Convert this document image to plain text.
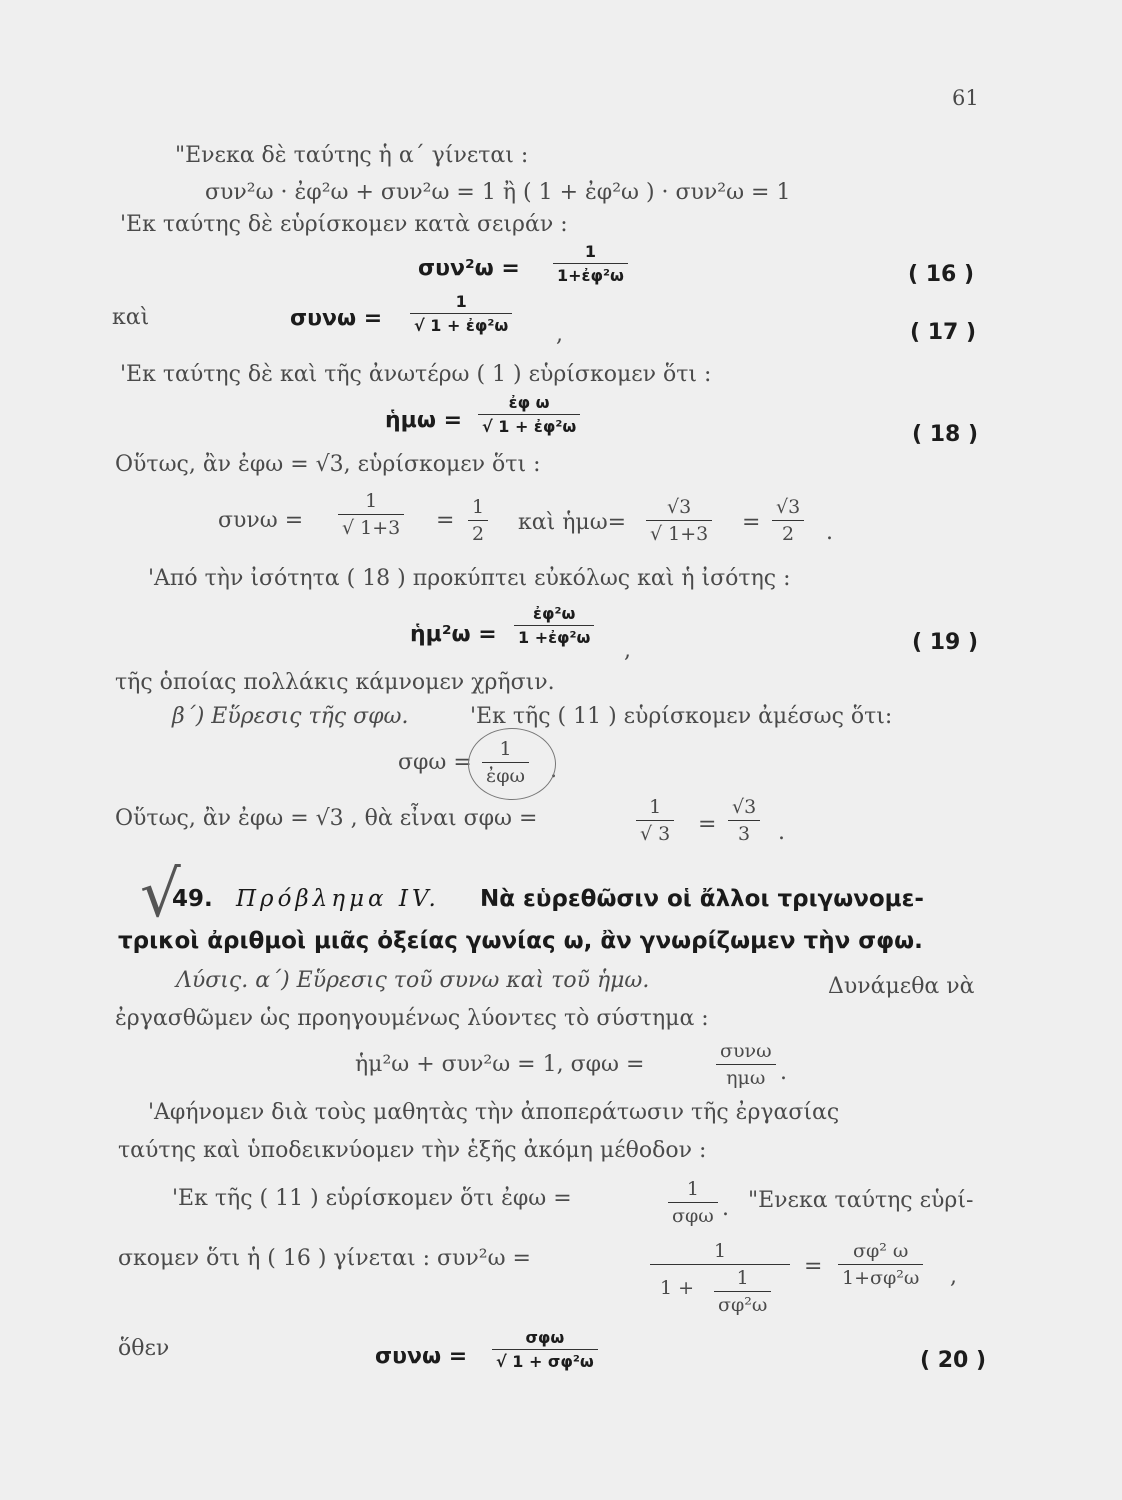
61
"Ενεκα δὲ ταύτης ἡ α΄ γίνεται :
συν²ω · ἐφ²ω + συν²ω = 1 ἢ ( 1 + ἐφ²ω ) · συν²ω = 1
'Εκ ταύτης δὲ εὑρίσκομεν κατὰ σειράν :
$\sigma\upsilon\nu^2\omega = \frac{1}{\text{1+ἐφ²ω}}$	( 16 )
καὶ	$\sigma\upsilon\nu\omega = \frac{1}{\text{√ 1 + ἐφ²ω}}$ ,	( 17 )
'Εκ ταύτης δὲ καὶ τῆς ἀνωτέρω ( 1 ) εὑρίσκομεν ὅτι :
ἡμω = $\frac{\text{ἐφ ω}}{\text{√ 1 + ἐφ²ω}}$	( 18 )
Οὕτως, ἂν ἐφω = √3, εὑρίσκομεν ὅτι :
$\sigma\upsilon\nu\omega = \frac{1}{√ 1+3} = \frac{1}{2}$ καὶ ἡμω= $\frac{√3}{√ 1+3} = \frac{√3}{2}$ .
'Από τὴν ἰσότητα ( 18 ) προκύπτει εὐκόλως καὶ ἡ ἰσότης :
ἡμ²ω = $\frac{\text{ἐφ²ω}}{\text{1 +ἐφ²ω}}$
,	( 19 )
τῆς ὁποίας πολλάκις κάμνομεν χρῆσιν.
β΄) Εὕρεσις τῆς σφω.	'Εκ τῆς ( 11 ) εὑρίσκομεν ἀμέσως ὅτι:
σφω =
1
ἐφω .
Οὕτως, ἂν ἐφω = √3 , θὰ εἶναι σφω =	$\frac{1}{√ 3} = \frac{√3}{3}$ .
√
49. Πρόβλημα IV. Νὰ εὑρεθῶσιν οἱ ἄλλοι τριγωνομε-
τρικοὶ ἀριθμοὶ μιᾶς ὀξείας γωνίας ω, ἂν γνωρίζωμεν τὴν σφω.
Λύσις. α΄) Εὕρεσις τοῦ συνω καὶ τοῦ ἡμω.	Δυνάμεθα νὰ
ἐργασθῶμεν ὡς προηγουμένως λύοντες τὸ σύστημα :
ἡμ²ω + συν²ω = 1, σφω =
συνω
ημω .
'Αφήνομεν διὰ τοὺς μαθητὰς τὴν ἀποπεράτωσιν τῆς ἐργασίας
ταύτης καὶ ὑποδεικνύομεν τὴν ἑξῆς ἀκόμη μέθοδον :
'Εκ τῆς ( 11 ) εὑρίσκομεν ὅτι ἐφω =	1
σφω . "Ενεκα ταύτης εὑρί-
σκομεν ὅτι ἡ ( 16 ) γίνεται : συν²ω =	$\frac{1}{1 + \frac{1}{\text{σφ²ω}}} = \frac{\text{σφ² ω}}{\text{1+σφ²ω}}$ ,
ὅθεν	συνω =
σφω
√ 1 + σφ²ω	( 20 )
